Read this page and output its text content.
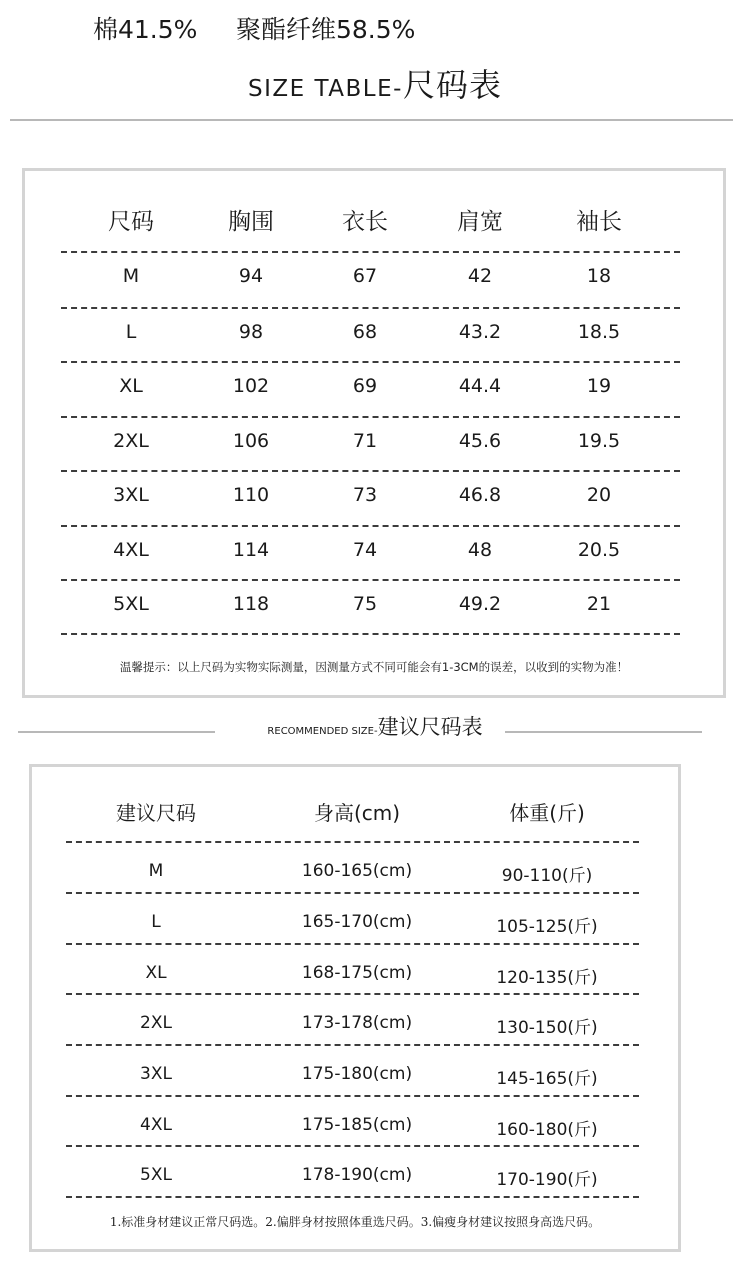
棉41.5% 聚酯纤维58.5%
SIZE TABLE-尺码表
尺码	胸围	衣长	肩宽	袖长
M	94	67	42	18
L	98	68	43.2	18.5
XL	102	69	44.4	19
2XL	106	71	45.6	19.5
3XL	110	73	46.8	20
4XL	114	74	48	20.5
5XL	118	75	49.2	21
温馨提示：以上尺码为实物实际测量，因测量方式不同可能会有1-3CM的误差，以收到的实物为准！
RECOMMENDED SIZE-建议尺码表
建议尺码	身高(cm)	体重(斤)
M	160-165(cm)	90-110(斤)
L	165-170(cm)	105-125(斤)
XL	168-175(cm)	120-135(斤)
2XL	173-178(cm)	130-150(斤)
3XL	175-180(cm)	145-165(斤)
4XL	175-185(cm)	160-180(斤)
5XL	178-190(cm)	170-190(斤)
1.标准身材建议正常尺码选。2.偏胖身材按照体重选尺码。3.偏瘦身材建议按照身高选尺码。
